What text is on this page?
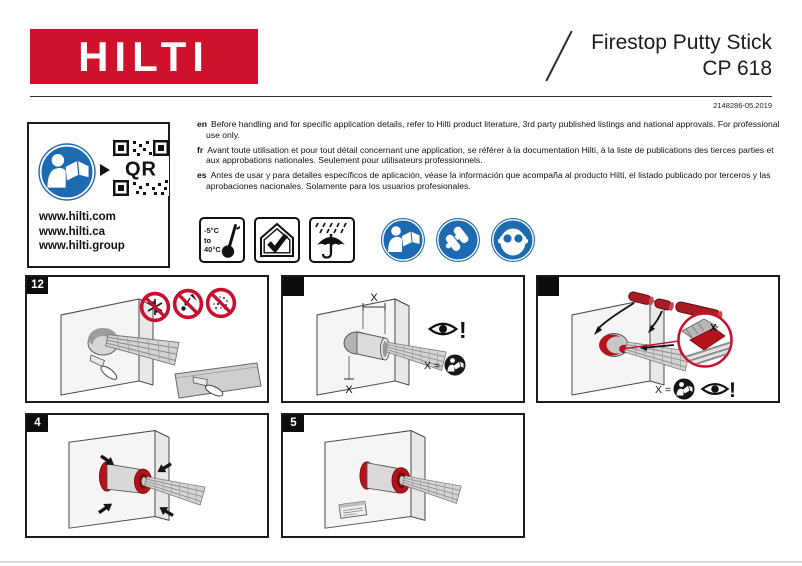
HILTI	Firestop Putty Stick
CP 618
2148286-05.2019
QR
www.hilti.com
www.hilti.ca
www.hilti.group

en Before handling and for specific application details, refer to Hilti product literature, 3rd party published listings and national approvals. For professional use only.

fr Avant toute utilisation et pour tout détail concernant une application, se référer à la documentation Hilti, à la liste de publications des tierces parties et aux approbations nationales. Seulement pour utilisateurs professionnels.

es Antes de usar y para detalles específicos de aplicación, véase la información que acompaña al producto Hilti, el listado publicado por terceros y las aprobaciones nacionales. Solamente para los usuarios profesionales.

-5°C
to
40°C
12
X
X
!
X =
X
X =	!
4	5
